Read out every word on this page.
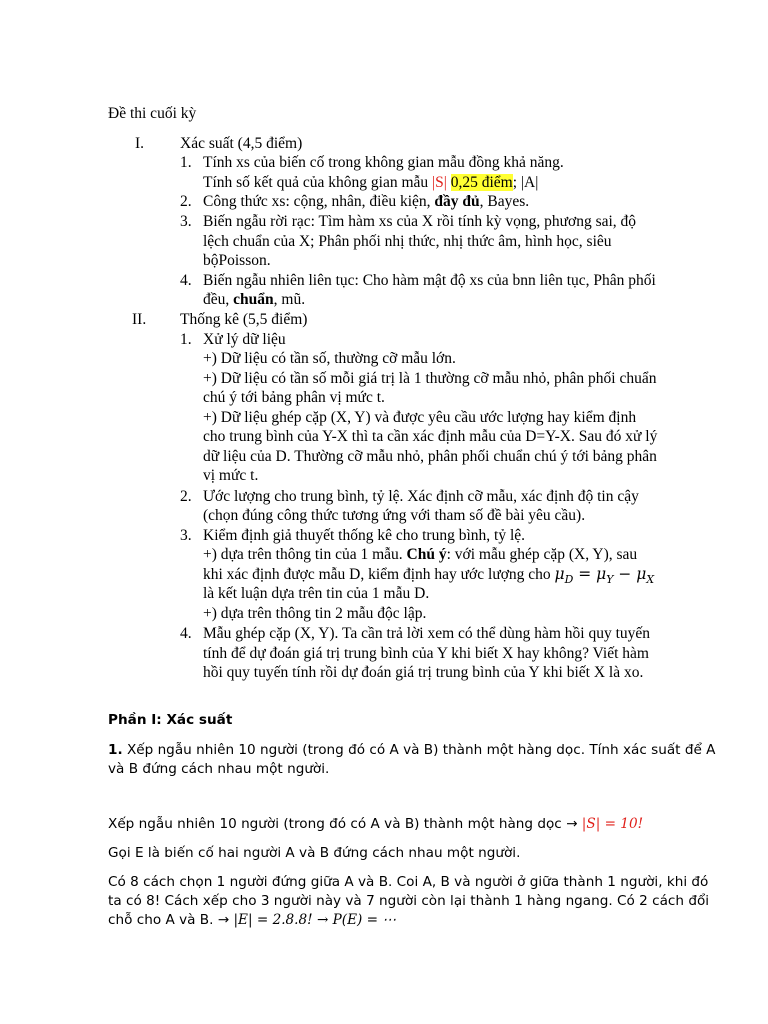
Đề thi cuối kỳ
I. Xác suất (4,5 điểm)
1. Tính xs của biến cố trong không gian mẫu đồng khả năng.
Tính số kết quả của không gian mẫu |S| 0,25 điểm; |A|
2. Công thức xs: cộng, nhân, điều kiện, đầy đủ, Bayes.
3. Biến ngẫu rời rạc: Tìm hàm xs của X rồi tính kỳ vọng, phương sai, độ
lệch chuẩn của X; Phân phối nhị thức, nhị thức âm, hình học, siêu
bộPoisson.
4. Biến ngẫu nhiên liên tục: Cho hàm mật độ xs của bnn liên tục, Phân phối
đều, chuẩn, mũ.
II. Thống kê (5,5 điểm)
1. Xử lý dữ liệu
+) Dữ liệu có tần số, thường cỡ mẫu lớn.
+) Dữ liệu có tần số mỗi giá trị là 1 thường cỡ mẫu nhỏ, phân phối chuẩn
chú ý tới bảng phân vị mức t.
+) Dữ liệu ghép cặp (X, Y) và được yêu cầu ước lượng hay kiểm định
cho trung bình của Y-X thì ta cần xác định mẫu của D=Y-X. Sau đó xử lý
dữ liệu của D. Thường cỡ mẫu nhỏ, phân phối chuẩn chú ý tới bảng phân
vị mức t.
2. Ước lượng cho trung bình, tỷ lệ. Xác định cỡ mẫu, xác định độ tin cậy
(chọn đúng công thức tương ứng với tham số đề bài yêu cầu).
3. Kiểm định giả thuyết thống kê cho trung bình, tỷ lệ.
+) dựa trên thông tin của 1 mẫu. Chú ý: với mẫu ghép cặp (X, Y), sau
khi xác định được mẫu D, kiểm định hay ước lượng cho $\mu_D = \mu_Y - \mu_X$
là kết luận dựa trên tin của 1 mẫu D.
+) dựa trên thông tin 2 mẫu độc lập.
4. Mẫu ghép cặp (X, Y). Ta cần trả lời xem có thể dùng hàm hồi quy tuyến
tính để dự đoán giá trị trung bình của Y khi biết X hay không? Viết hàm
hồi quy tuyến tính rồi dự đoán giá trị trung bình của Y khi biết X là xo.
Phần I: Xác suất
1. Xếp ngẫu nhiên 10 người (trong đó có A và B) thành một hàng dọc. Tính xác suất để A
và B đứng cách nhau một người.
Xếp ngẫu nhiên 10 người (trong đó có A và B) thành một hàng dọc → |S| = 10!
Gọi E là biến cố hai người A và B đứng cách nhau một người.
Có 8 cách chọn 1 người đứng giữa A và B. Coi A, B và người ở giữa thành 1 người, khi đó
ta có 8! Cách xếp cho 3 người này và 7 người còn lại thành 1 hàng ngang. Có 2 cách đổi
chỗ cho A và B. → |E| = 2.8.8! → P(E) = ⋯
